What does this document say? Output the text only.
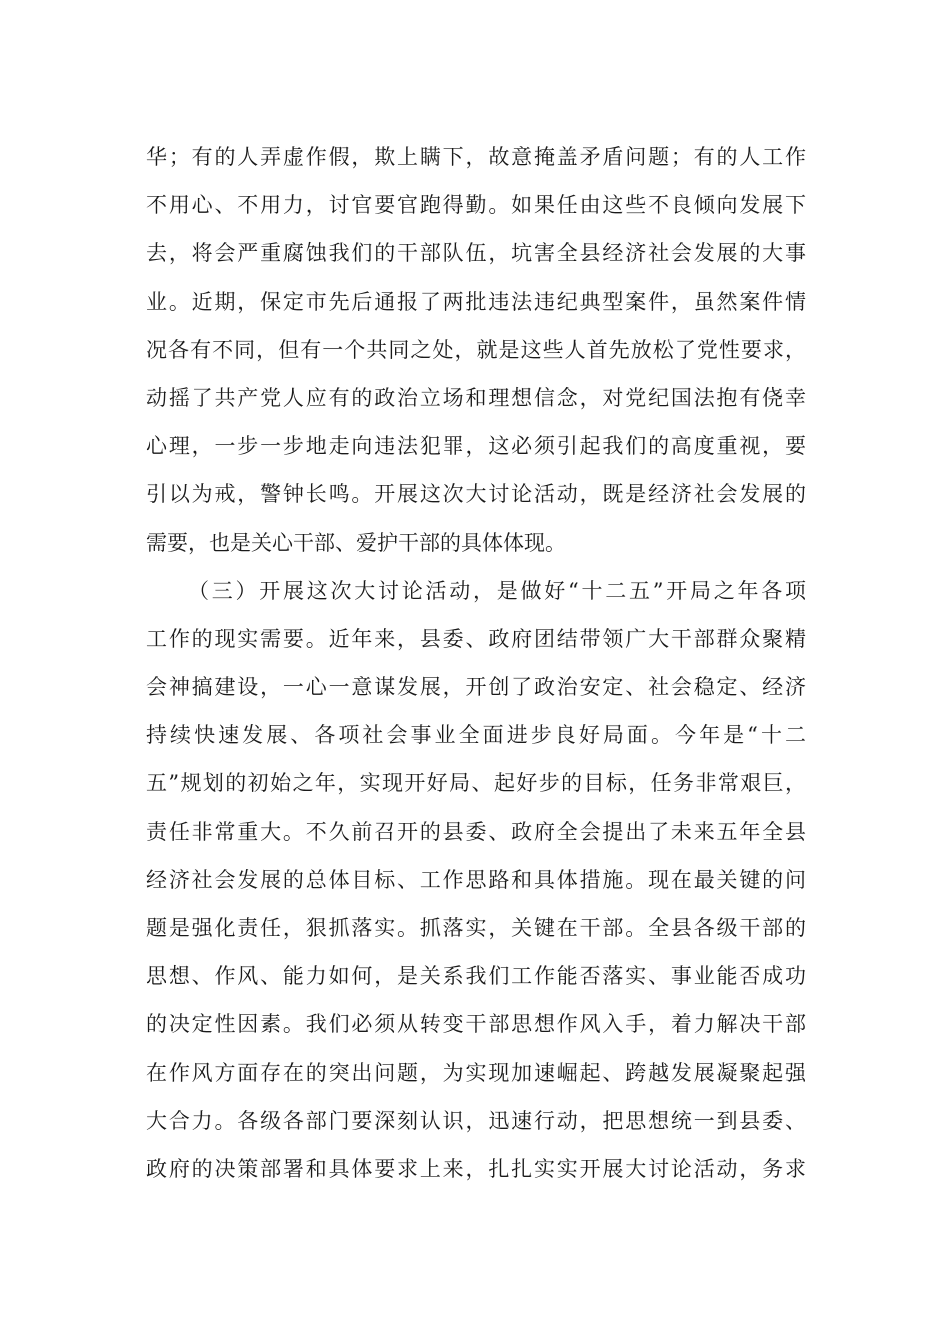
华；有的人弄虚作假，欺上瞒下，故意掩盖矛盾问题；有的人工作
不用心、不用力，讨官要官跑得勤。如果任由这些不良倾向发展下
去，将会严重腐蚀我们的干部队伍，坑害全县经济社会发展的大事
业。近期，保定市先后通报了两批违法违纪典型案件，虽然案件情
况各有不同，但有一个共同之处，就是这些人首先放松了党性要求，
动摇了共产党人应有的政治立场和理想信念，对党纪国法抱有侥幸
心理，一步一步地走向违法犯罪，这必须引起我们的高度重视，要
引以为戒，警钟长鸣。开展这次大讨论活动，既是经济社会发展的
需要，也是关心干部、爱护干部的具体体现。
（三）开展这次大讨论活动，是做好“十二五”开局之年各项
工作的现实需要。近年来，县委、政府团结带领广大干部群众聚精
会神搞建设，一心一意谋发展，开创了政治安定、社会稳定、经济
持续快速发展、各项社会事业全面进步良好局面。今年是“十二
五”规划的初始之年，实现开好局、起好步的目标，任务非常艰巨，
责任非常重大。不久前召开的县委、政府全会提出了未来五年全县
经济社会发展的总体目标、工作思路和具体措施。现在最关键的问
题是强化责任，狠抓落实。抓落实，关键在干部。全县各级干部的
思想、作风、能力如何，是关系我们工作能否落实、事业能否成功
的决定性因素。我们必须从转变干部思想作风入手，着力解决干部
在作风方面存在的突出问题，为实现加速崛起、跨越发展凝聚起强
大合力。各级各部门要深刻认识，迅速行动，把思想统一到县委、
政府的决策部署和具体要求上来，扎扎实实开展大讨论活动，务求
